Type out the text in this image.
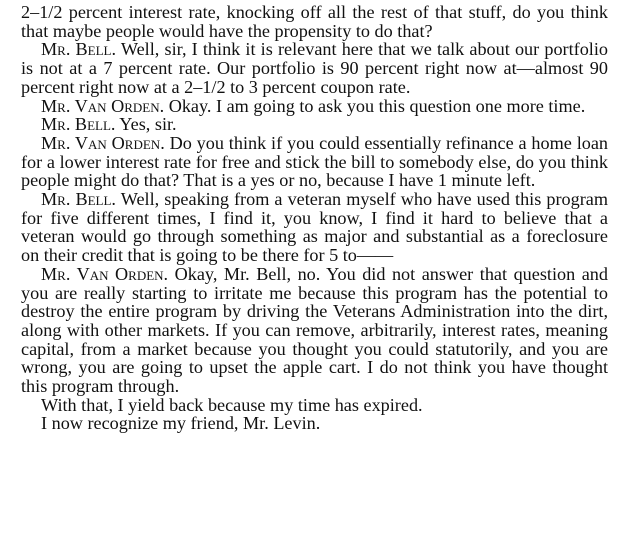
2–1/2 percent interest rate, knocking off all the rest of that stuff, do you think that maybe people would have the propensity to do that?

Mr. Bell. Well, sir, I think it is relevant here that we talk about our portfolio is not at a 7 percent rate. Our portfolio is 90 percent right now at—almost 90 percent right now at a 2–1/2 to 3 percent coupon rate.

Mr. Van Orden. Okay. I am going to ask you this question one more time.

Mr. Bell. Yes, sir.

Mr. Van Orden. Do you think if you could essentially refinance a home loan for a lower interest rate for free and stick the bill to somebody else, do you think people might do that? That is a yes or no, because I have 1 minute left.

Mr. Bell. Well, speaking from a veteran myself who have used this program for five different times, I find it, you know, I find it hard to believe that a veteran would go through something as major and substantial as a foreclosure on their credit that is going to be there for 5 to——

Mr. Van Orden. Okay, Mr. Bell, no. You did not answer that question and you are really starting to irritate me because this program has the potential to destroy the entire program by driving the Veterans Administration into the dirt, along with other markets. If you can remove, arbitrarily, interest rates, meaning capital, from a market because you thought you could statutorily, and you are wrong, you are going to upset the apple cart. I do not think you have thought this program through.

With that, I yield back because my time has expired.

I now recognize my friend, Mr. Levin.
